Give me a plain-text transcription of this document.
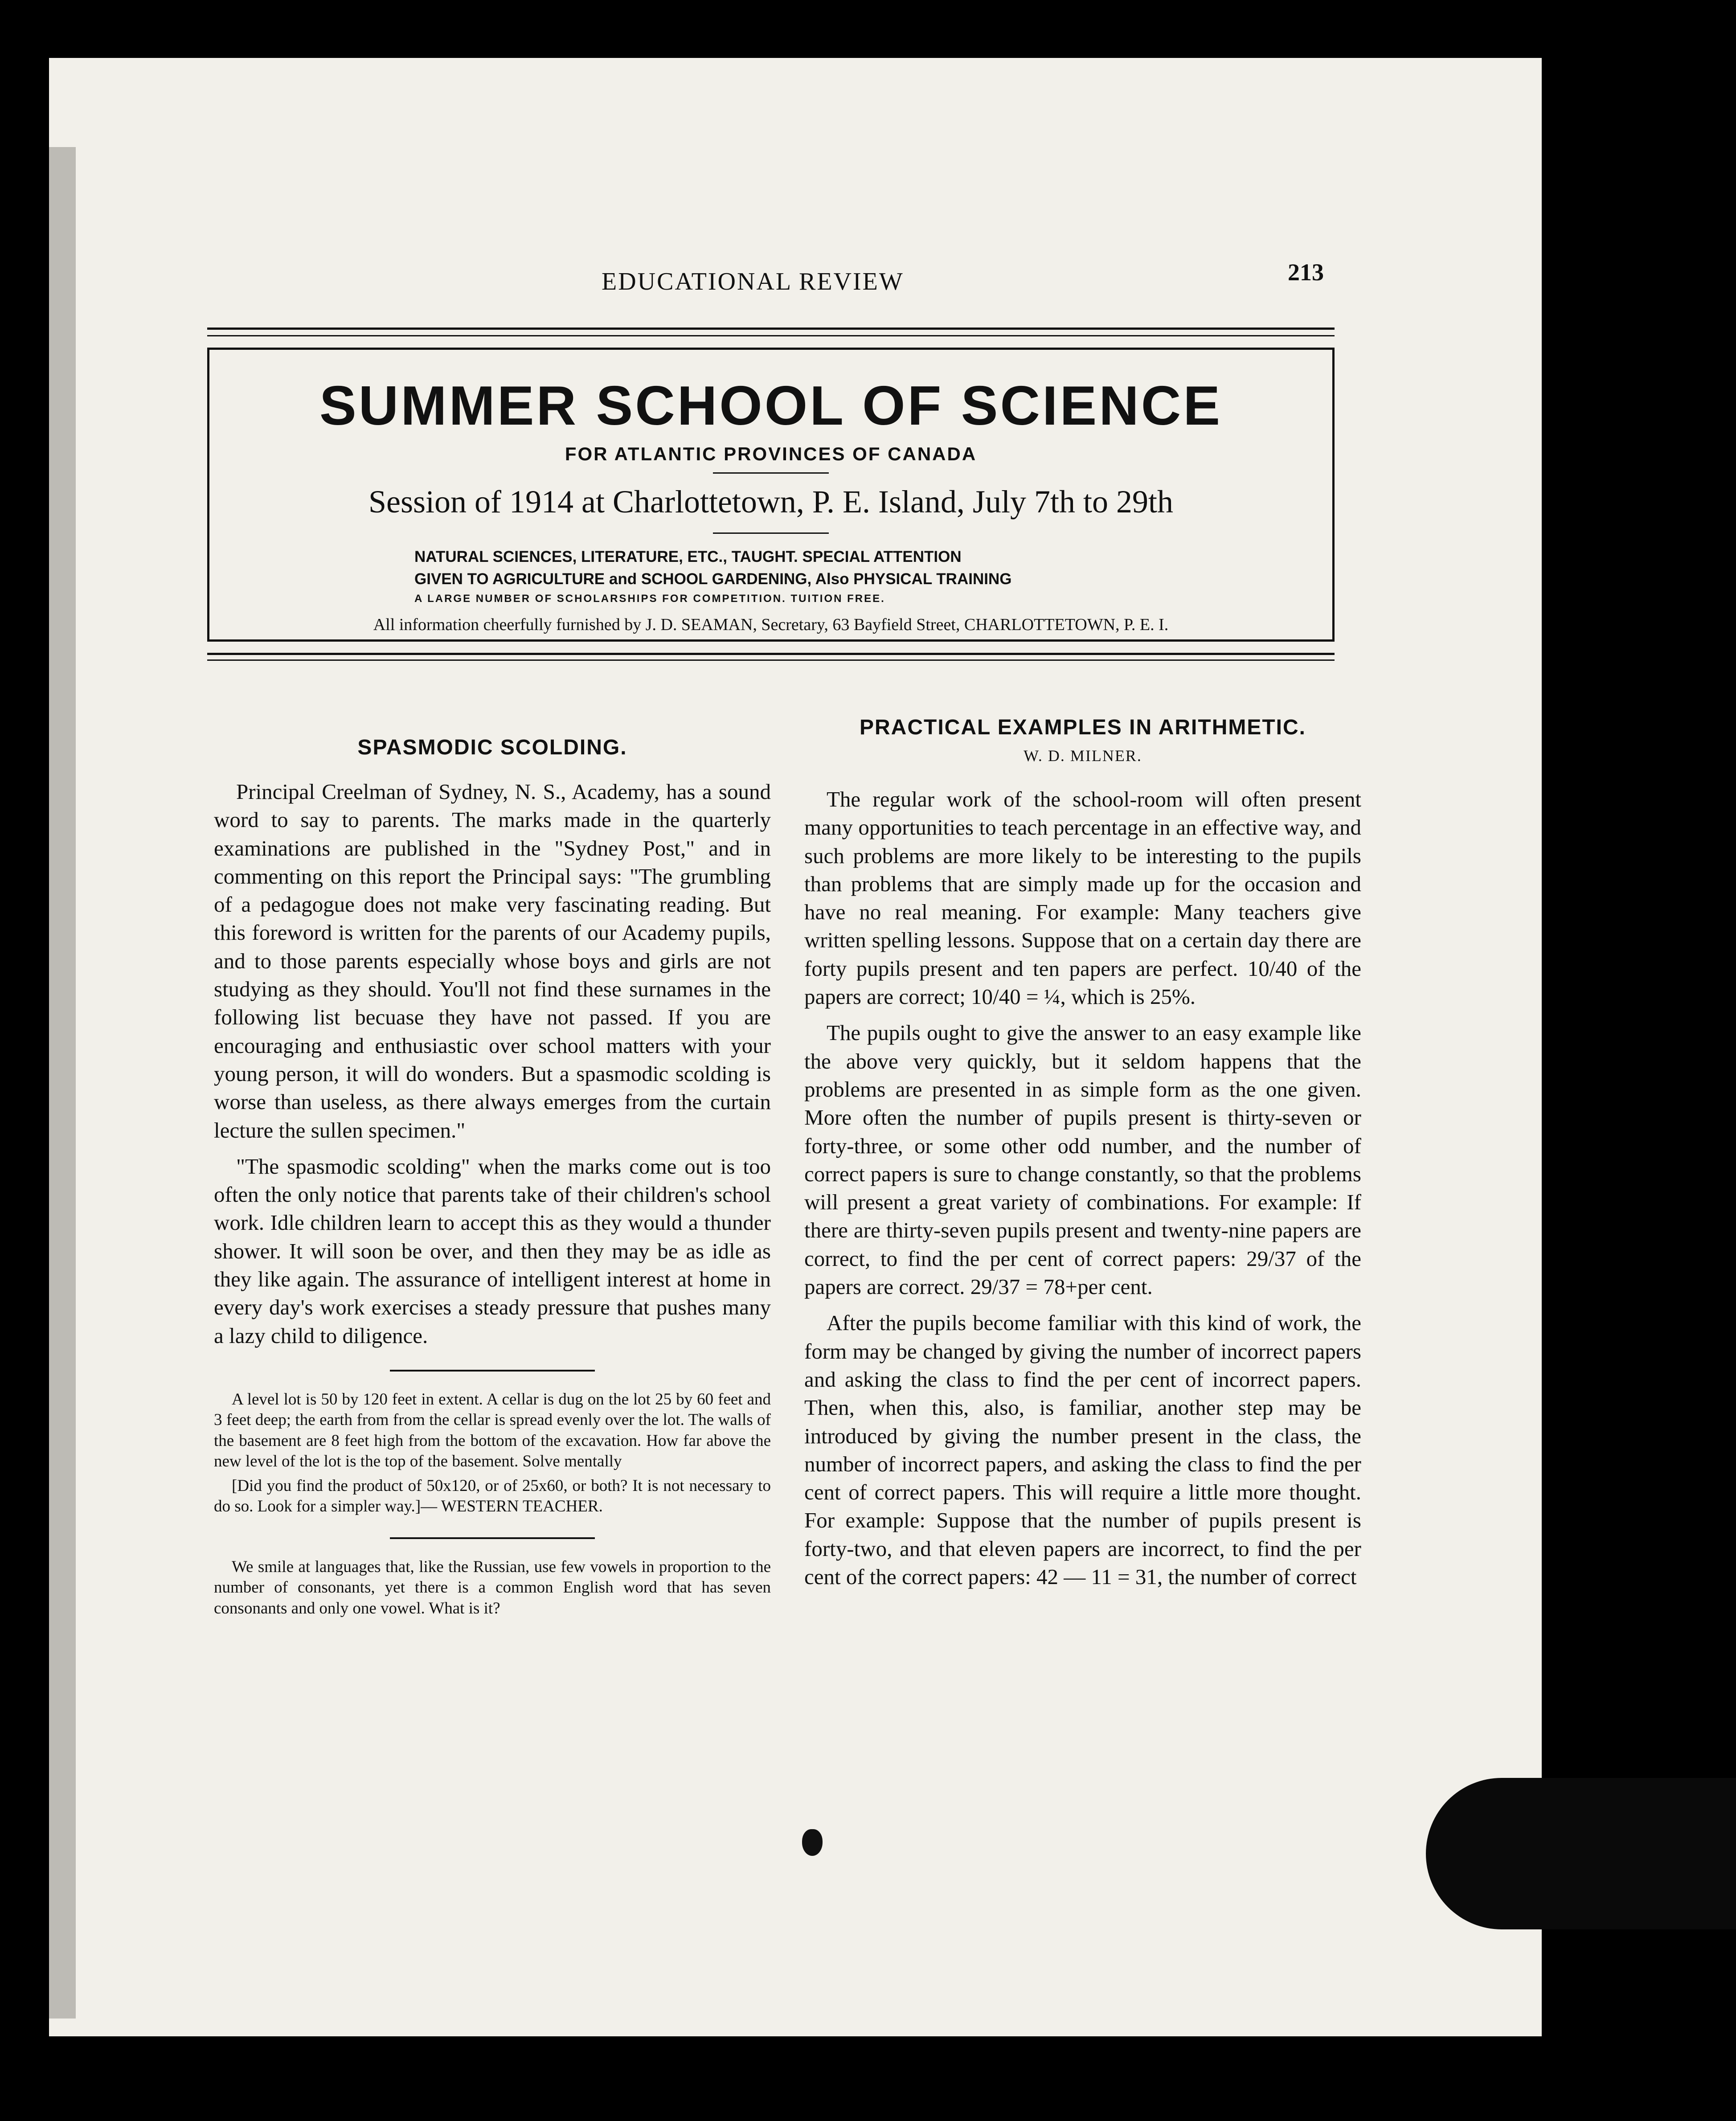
EDUCATIONAL REVIEW	213
SUMMER SCHOOL OF SCIENCE
FOR ATLANTIC PROVINCES OF CANADA
Session of 1914 at Charlottetown, P. E. Island, July 7th to 29th
NATURAL SCIENCES, LITERATURE, ETC., TAUGHT. SPECIAL ATTENTION
GIVEN TO AGRICULTURE and SCHOOL GARDENING, Also PHYSICAL TRAINING
A LARGE NUMBER OF SCHOLARSHIPS FOR COMPETITION. TUITION FREE.
All information cheerfully furnished by J. D. SEAMAN, Secretary, 63 Bayfield Street, CHARLOTTETOWN, P. E. I.
SPASMODIC SCOLDING.

Principal Creelman of Sydney, N. S., Academy, has a sound word to say to parents. The marks made in the quarterly examinations are published in the "Sydney Post," and in commenting on this report the Principal says: "The grumbling of a pedagogue does not make very fascinating reading. But this foreword is written for the parents of our Academy pupils, and to those parents especially whose boys and girls are not studying as they should. You'll not find these surnames in the following list becuase they have not passed. If you are encouraging and enthusiastic over school matters with your young person, it will do wonders. But a spasmodic scolding is worse than useless, as there always emerges from the curtain lecture the sullen specimen."

"The spasmodic scolding" when the marks come out is too often the only notice that parents take of their children's school work. Idle children learn to accept this as they would a thunder shower. It will soon be over, and then they may be as idle as they like again. The assurance of intelligent interest at home in every day's work exercises a steady pressure that pushes many a lazy child to diligence.

A level lot is 50 by 120 feet in extent. A cellar is dug on the lot 25 by 60 feet and 3 feet deep; the earth from from the cellar is spread evenly over the lot. The walls of the basement are 8 feet high from the bottom of the excavation. How far above the new level of the lot is the top of the basement. Solve mentally

[Did you find the product of 50x120, or of 25x60, or both? It is not necessary to do so. Look for a simpler way.]— WESTERN TEACHER.

We smile at languages that, like the Russian, use few vowels in proportion to the number of consonants, yet there is a common English word that has seven consonants and only one vowel. What is it?

PRACTICAL EXAMPLES IN ARITHMETIC.
W. D. MILNER.

The regular work of the school-room will often present many opportunities to teach percentage in an effective way, and such problems are more likely to be interesting to the pupils than problems that are simply made up for the occasion and have no real meaning. For example: Many teachers give written spelling lessons. Suppose that on a certain day there are forty pupils present and ten papers are perfect. 10/40 of the papers are correct; 10/40 = ¼, which is 25%.

The pupils ought to give the answer to an easy example like the above very quickly, but it seldom happens that the problems are presented in as simple form as the one given. More often the number of pupils present is thirty-seven or forty-three, or some other odd number, and the number of correct papers is sure to change constantly, so that the problems will present a great variety of combinations. For example: If there are thirty-seven pupils present and twenty-nine papers are correct, to find the per cent of correct papers: 29/37 of the papers are correct. 29/37 = 78+per cent.

After the pupils become familiar with this kind of work, the form may be changed by giving the number of incorrect papers and asking the class to find the per cent of incorrect papers. Then, when this, also, is familiar, another step may be introduced by giving the number present in the class, the number of incorrect papers, and asking the class to find the per cent of correct papers. This will require a little more thought. For example: Suppose that the number of pupils present is forty-two, and that eleven papers are incorrect, to find the per cent of the correct papers: 42 — 11 = 31, the number of correct
